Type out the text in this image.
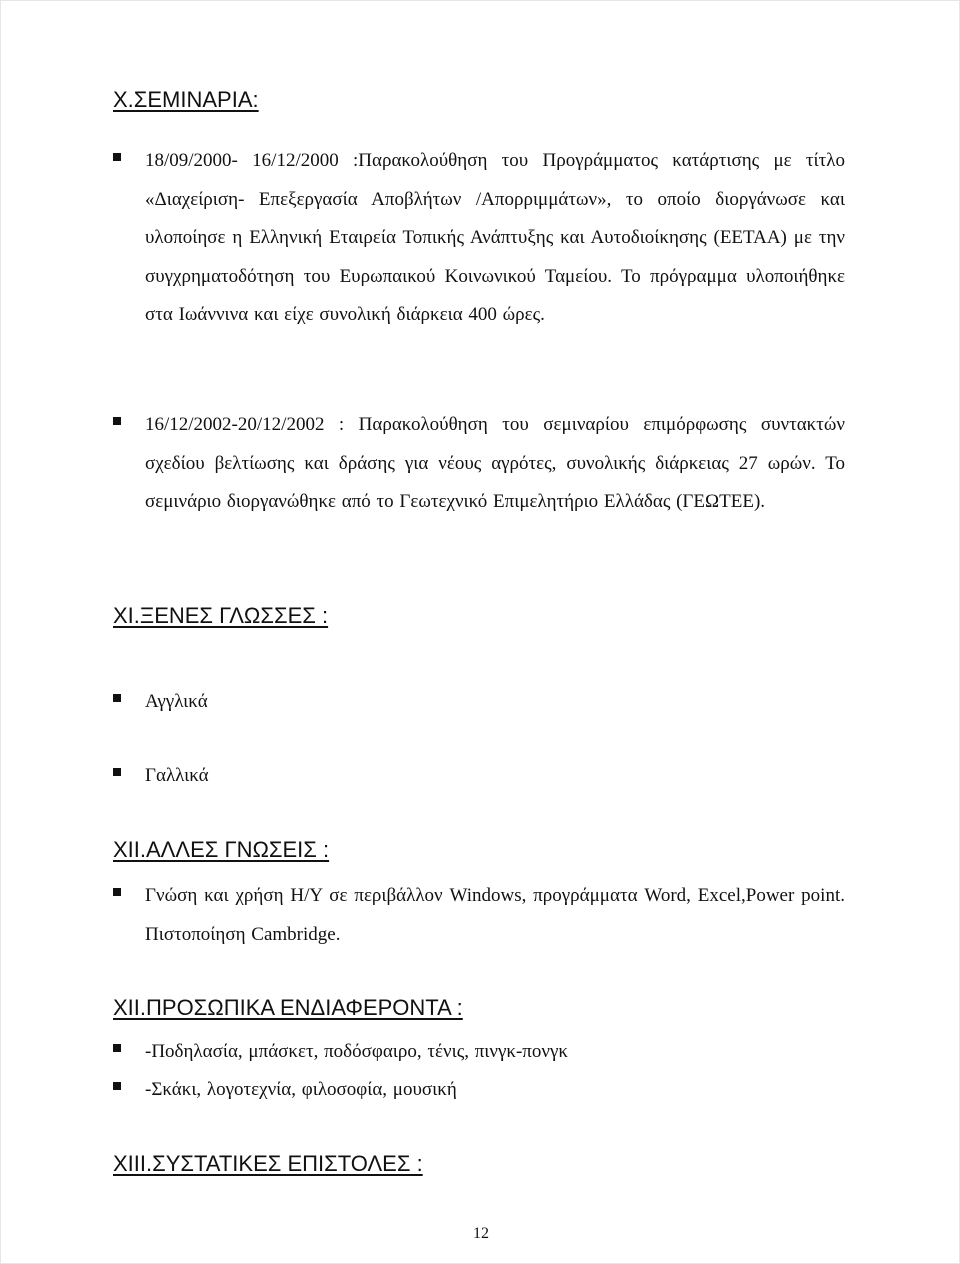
X.ΣΕΜΙΝΑΡΙΑ:
18/09/2000- 16/12/2000 :Παρακολούθηση του Προγράμματος κατάρτισης με τίτλο «Διαχείριση- Επεξεργασία Αποβλήτων /Απορριμμάτων», το οποίο διοργάνωσε και υλοποίησε η Ελληνική Εταιρεία Τοπικής Ανάπτυξης και Αυτοδιοίκησης (ΕΕΤΑΑ) με την συγχρηματοδότηση του Ευρωπαικού Κοινωνικού Ταμείου. Το πρόγραμμα υλοποιήθηκε στα Ιωάννινα και είχε συνολική διάρκεια 400 ώρες.
16/12/2002-20/12/2002 : Παρακολούθηση του σεμιναρίου επιμόρφωσης συντακτών σχεδίου βελτίωσης και δράσης για νέους αγρότες, συνολικής διάρκειας 27 ωρών. Το σεμινάριο διοργανώθηκε από το Γεωτεχνικό Επιμελητήριο Ελλάδας (ΓΕΩΤΕΕ).
XI.ΞΕΝΕΣ ΓΛΩΣΣΕΣ :
Αγγλικά
Γαλλικά
XII.ΑΛΛΕΣ ΓΝΩΣΕΙΣ :
Γνώση και χρήση Η/Υ σε περιβάλλον Windows, προγράμματα Word, Excel,Power point. Πιστοποίηση Cambridge.
XII.ΠΡΟΣΩΠΙΚΑ ΕΝΔΙΑΦΕΡΟΝΤΑ :
-Ποδηλασία, μπάσκετ, ποδόσφαιρο, τένις, πινγκ-πονγκ
-Σκάκι, λογοτεχνία, φιλοσοφία, μουσική
XIII.ΣΥΣΤΑΤΙΚΕΣ ΕΠΙΣΤΟΛΕΣ :
12
